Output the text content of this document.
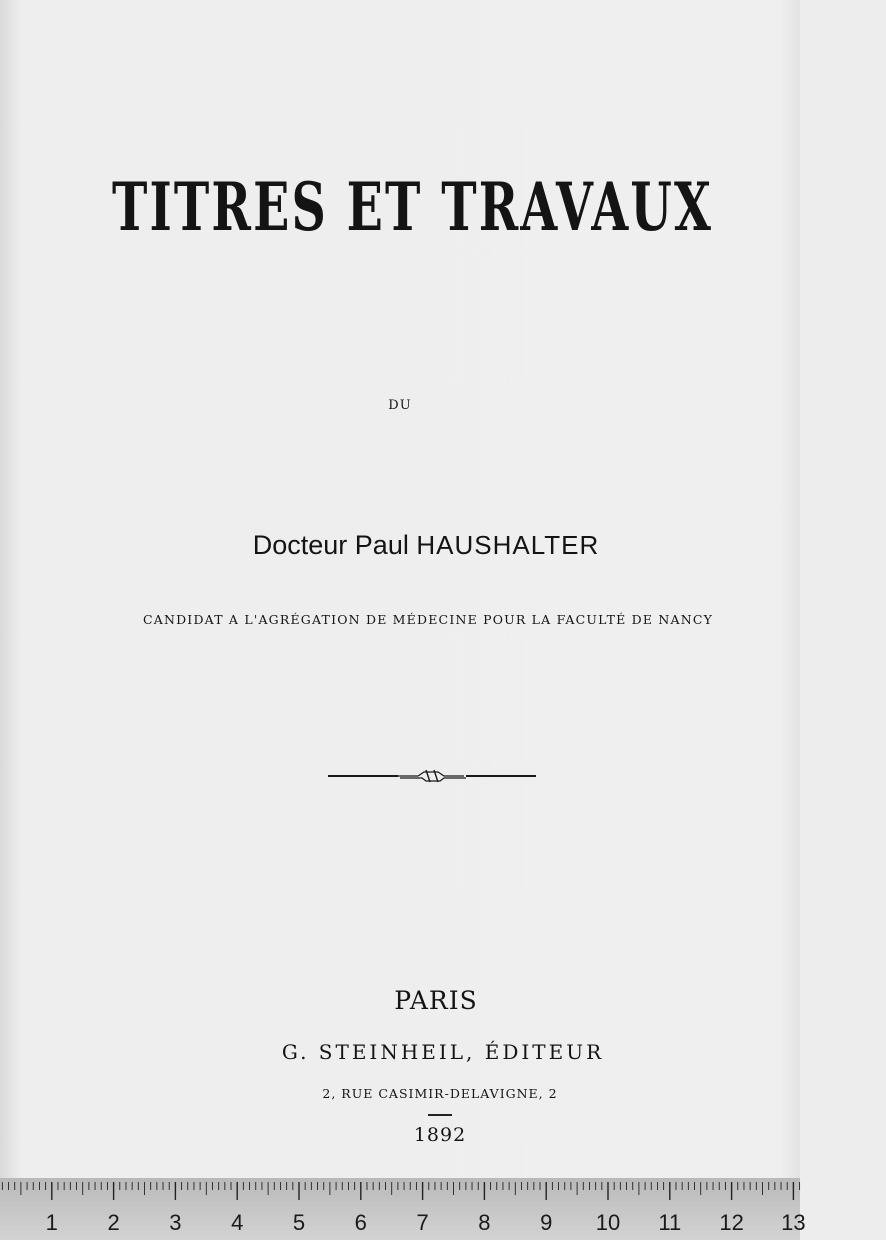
TITRES ET TRAVAUX
DU
Docteur Paul HAUSHALTER
CANDIDAT A L'AGRÉGATION DE MÉDECINE POUR LA FACULTÉ DE NANCY
PARIS
G. STEINHEIL, ÉDITEUR
2, RUE CASIMIR-DELAVIGNE, 2
1892
1 2 3 4 5 6 7 8 9 10 11 12 13
